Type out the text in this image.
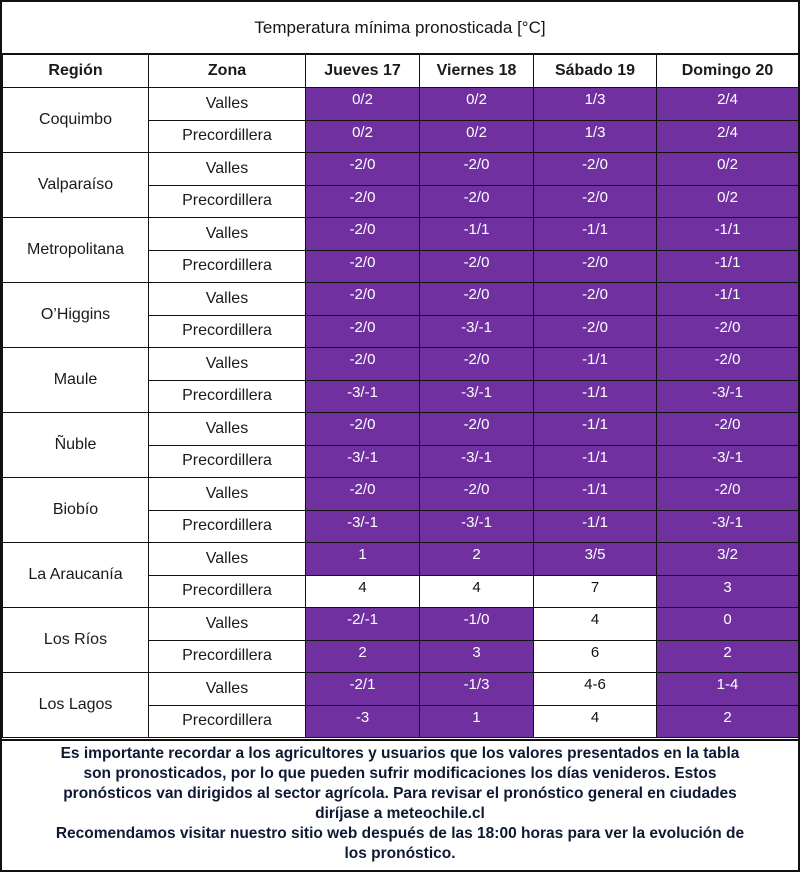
Temperatura mínima pronosticada [°C]
Región	Zona	Jueves 17	Viernes 18	Sábado 19	Domingo 20
Coquimbo	Valles	0/2	0/2	1/3	2/4
	Precordillera	0/2	0/2	1/3	2/4
Valparaíso	Valles	-2/0	-2/0	-2/0	0/2
	Precordillera	-2/0	-2/0	-2/0	0/2
Metropolitana	Valles	-2/0	-1/1	-1/1	-1/1
	Precordillera	-2/0	-2/0	-2/0	-1/1
O’Higgins	Valles	-2/0	-2/0	-2/0	-1/1
	Precordillera	-2/0	-3/-1	-2/0	-2/0
Maule	Valles	-2/0	-2/0	-1/1	-2/0
	Precordillera	-3/-1	-3/-1	-1/1	-3/-1
Ñuble	Valles	-2/0	-2/0	-1/1	-2/0
	Precordillera	-3/-1	-3/-1	-1/1	-3/-1
Biobío	Valles	-2/0	-2/0	-1/1	-2/0
	Precordillera	-3/-1	-3/-1	-1/1	-3/-1
La Araucanía	Valles	1	2	3/5	3/2
	Precordillera	4	4	7	3
Los Ríos	Valles	-2/-1	-1/0	4	0
	Precordillera	2	3	6	2
Los Lagos	Valles	-2/1	-1/3	4-6	1-4
	Precordillera	-3	1	4	2
Es importante recordar a los agricultores y usuarios que los valores presentados en la tabla
son pronosticados, por lo que pueden sufrir modificaciones los días venideros. Estos
pronósticos van dirigidos al sector agrícola. Para revisar el pronóstico general en ciudades
diríjase a meteochile.cl
Recomendamos visitar nuestro sitio web después de las 18:00 horas para ver la evolución de
los pronóstico.
